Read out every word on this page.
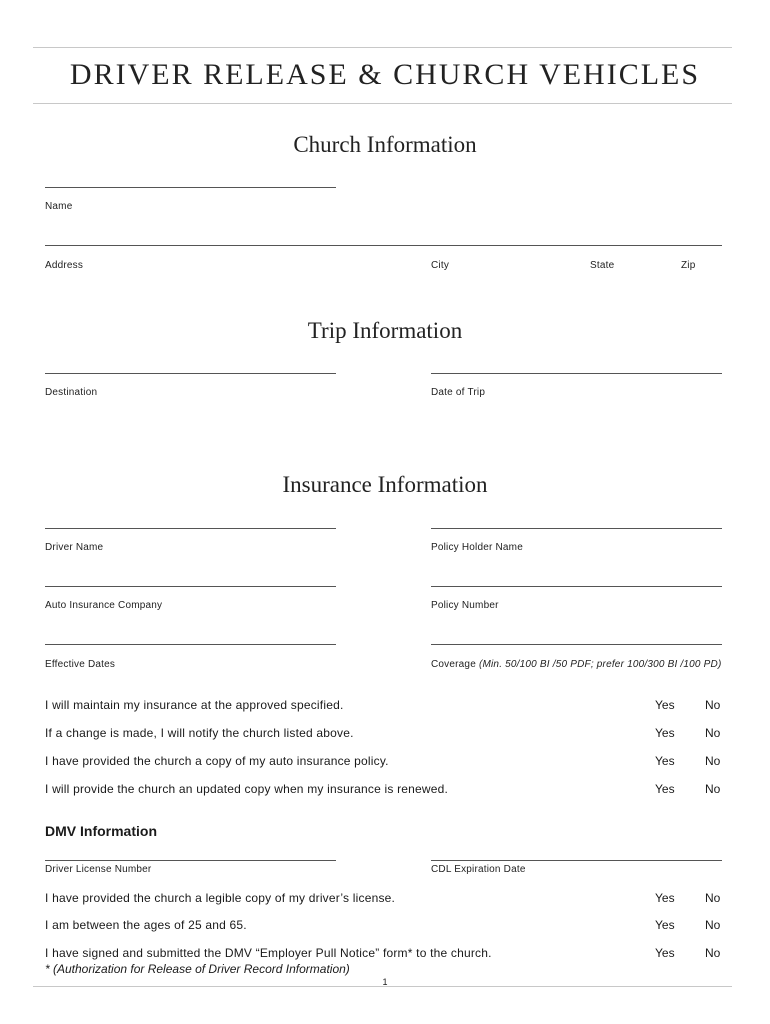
DRIVER RELEASE & CHURCH VEHICLES
Church Information
Name
Address	City	State	Zip
Trip Information
Destination	Date of Trip
Insurance Information
Driver Name	Policy Holder Name
Auto Insurance Company	Policy Number
Effective Dates	Coverage (Min. 50/100 BI /50 PDF; prefer 100/300 BI /100 PD)
I will maintain my insurance at the approved specified.	Yes	No
If a change is made, I will notify the church listed above.	Yes	No
I have provided the church a copy of my auto insurance policy.	Yes	No
I will provide the church an updated copy when my insurance is renewed.	Yes	No
DMV Information
Driver License Number	CDL Expiration Date
I have provided the church a legible copy of my driver’s license.	Yes	No
I am between the ages of 25 and 65.	Yes	No
I have signed and submitted the DMV “Employer Pull Notice” form* to the church.	Yes	No
* (Authorization for Release of Driver Record Information)
1
